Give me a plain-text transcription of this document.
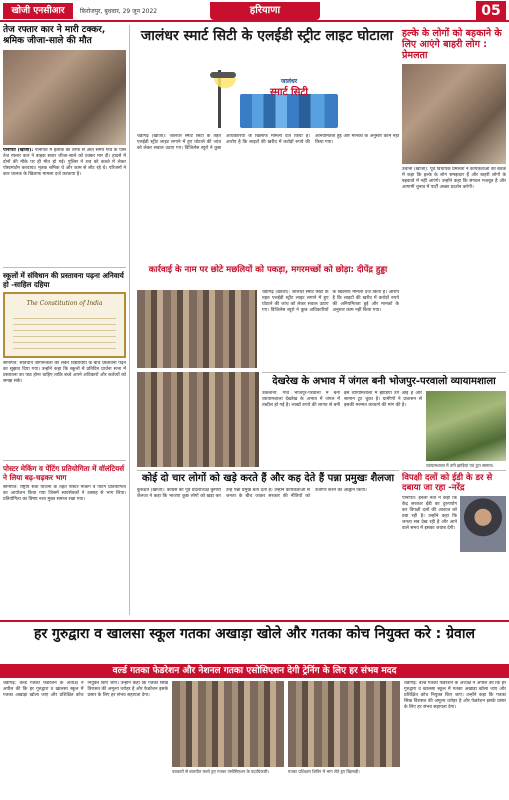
खोजी एनसीआर	फ़िरोजपुर, बुधवार, 29 जून 2022	हरियाणा	05
तेज रफ्तार कार ने मारी टक्कर, श्रमिक जीजा-साले की मौत

पानीपत (खोजी): पानीपत में इलाके की तरफ से आते समय गांव के पास तेज रफ्तार कार ने बाइक सवार जीजा-साले को टक्कर मार दी। हादसे में दोनों की मौके पर ही मौत हो गई। पुलिस ने शव को कब्जे में लेकर पोस्टमार्टम करवाया। मृतक श्रमिक थे और काम से लौट रहे थे। परिजनों ने कार चालक के खिलाफ मामला दर्ज करवाया है।

स्कूलों में संविधान की प्रस्तावना पढ़ना अनिवार्य हो -साहिल दहिया
The Constitution of India
सोनीपत: संविधान जागरूकता को लेकर विद्यार्थियों के बीच प्रस्तावना पढ़ने का सुझाव दिया गया। उन्होंने कहा कि स्कूलों में प्रतिदिन प्रार्थना सभा में प्रस्तावना का पाठ होना चाहिए ताकि बच्चे अपने अधिकारों और कर्तव्यों को समझ सकें।
पोस्टर मेकिंग व पेंटिंग प्रतियोगिता में वॉलंटियर्स ने लिया बढ़-चढ़कर भाग
सोनीपत: राष्ट्रीय सेवा योजना के तहत पोस्टर मेकिंग व पेंटिंग प्रतियोगिता का आयोजन किया गया जिसमें स्वयंसेवकों ने उत्साह से भाग लिया। प्रतियोगिता का विषय नशा मुक्त समाज रखा गया।
जालंधर स्मार्ट सिटी के एलईडी स्ट्रीट लाइट घोटाला
जालंधर
स्मार्ट सिटी
चंडीगढ़ (खोजी): जालंधर स्मार्ट सिटी के तहत एलईडी स्ट्रीट लाइट लगाने में हुए घोटाले की जांच को लेकर सवाल उठाए गए। विजिलेंस ब्यूरो ने कुछ अधिकारियों के खिलाफ मामला दर्ज किया है। आरोप है कि लाइटों की खरीद में करोड़ों रुपये की अनियमितता हुई और मानकों के अनुसार काम नहीं किया गया।
कार्रवाई के नाम पर छोटे मछलियों को पकड़ा, मगरमच्छों को छोड़ा: दीपेंद्र हुड्डा
हल्के के लोगों को बहकाने के लिए आएंगे बाहरी लोग : प्रेमलता
उचाना (खोजी): पूर्व विधायक प्रेमलता ने कार्यकर्ताओं की बैठक में कहा कि हल्के के लोग समझदार हैं और बाहरी लोगों के बहकावे में नहीं आएंगे। उन्होंने कहा कि संगठन मजबूत है और आगामी चुनाव में पार्टी अच्छा प्रदर्शन करेगी।
चंडीगढ़ (खोजी): जालंधर स्मार्ट सिटी के तहत एलईडी स्ट्रीट लाइट लगाने में हुए घोटाले की जांच को लेकर सवाल उठाए गए। विजिलेंस ब्यूरो ने कुछ अधिकारियों के खिलाफ मामला दर्ज किया है। आरोप है कि लाइटों की खरीद में करोड़ों रुपये की अनियमितता हुई और मानकों के अनुसार काम नहीं किया गया।
देखरेख के अभाव में जंगल बनी भोजपुर-परवालो व्यायामशाला
उकलाना: गांव भोजपुर-परवालो में बनी व्यायामशाला देखरेख के अभाव में जंगल में तब्दील हो गई है। लाखों रुपये की लागत से बनी इस व्यायामशाला में झाड़ियां उग आई हैं और सामान टूट चुका है। ग्रामीणों ने प्रशासन से इसकी मरम्मत करवाने की मांग की है।
व्यायामशाला में उगी झाड़ियां एवं टूटा सामान।
कोई दो चार लोगों को खड़े करते हैं और कह देते हैं पन्ना प्रमुखः शैलजा
कुरुक्षेत्र (खोजी): कांग्रेस की पूर्व प्रदेशाध्यक्ष कुमारी शैलजा ने कहा कि भाजपा कुछ लोगों को खड़ा कर उन्हें पन्ना प्रमुख बता देती है। उन्होंने कार्यकर्ताओं से जनता के बीच जाकर सरकार की नीतियों को उजागर करने का आह्वान किया।
विपक्षी दलों को ईडी के डर से दबाया जा रहा -नरेंद्र
पानीपत: इनेलो नेता ने कहा कि केंद्र सरकार ईडी का दुरुपयोग कर विपक्षी दलों की आवाज को दबा रही है। उन्होंने कहा कि जनता सब देख रही है और आने वाले समय में इसका जवाब देगी।
हर गुरुद्वारा व खालसा स्कूल गतका अखाड़ा खोले और गतका कोच नियुक्त करे : ग्रेवाल
वर्ल्ड गतका फेडरेशन और नेशनल गतका एसोसिएशन देगी ट्रेनिंग के लिए हर संभव मदद
चंडीगढ़: वर्ल्ड गतका फेडरेशन के अध्यक्ष ने अपील की कि हर गुरुद्वारा व खालसा स्कूल में गतका अखाड़ा खोला जाए और प्रशिक्षित कोच नियुक्त किए जाएं। उन्होंने कहा कि गतका सिख विरासत की अमूल्य धरोहर है और फेडरेशन इसके प्रसार के लिए हर संभव सहायता देगा।
पत्रकारों से बातचीत करते हुए गतका एसोसिएशन के पदाधिकारी।	गतका प्रशिक्षण शिविर में भाग लेते हुए खिलाड़ी।
चंडीगढ़: वर्ल्ड गतका फेडरेशन के अध्यक्ष ने अपील की कि हर गुरुद्वारा व खालसा स्कूल में गतका अखाड़ा खोला जाए और प्रशिक्षित कोच नियुक्त किए जाएं। उन्होंने कहा कि गतका सिख विरासत की अमूल्य धरोहर है और फेडरेशन इसके प्रसार के लिए हर संभव सहायता देगा।
